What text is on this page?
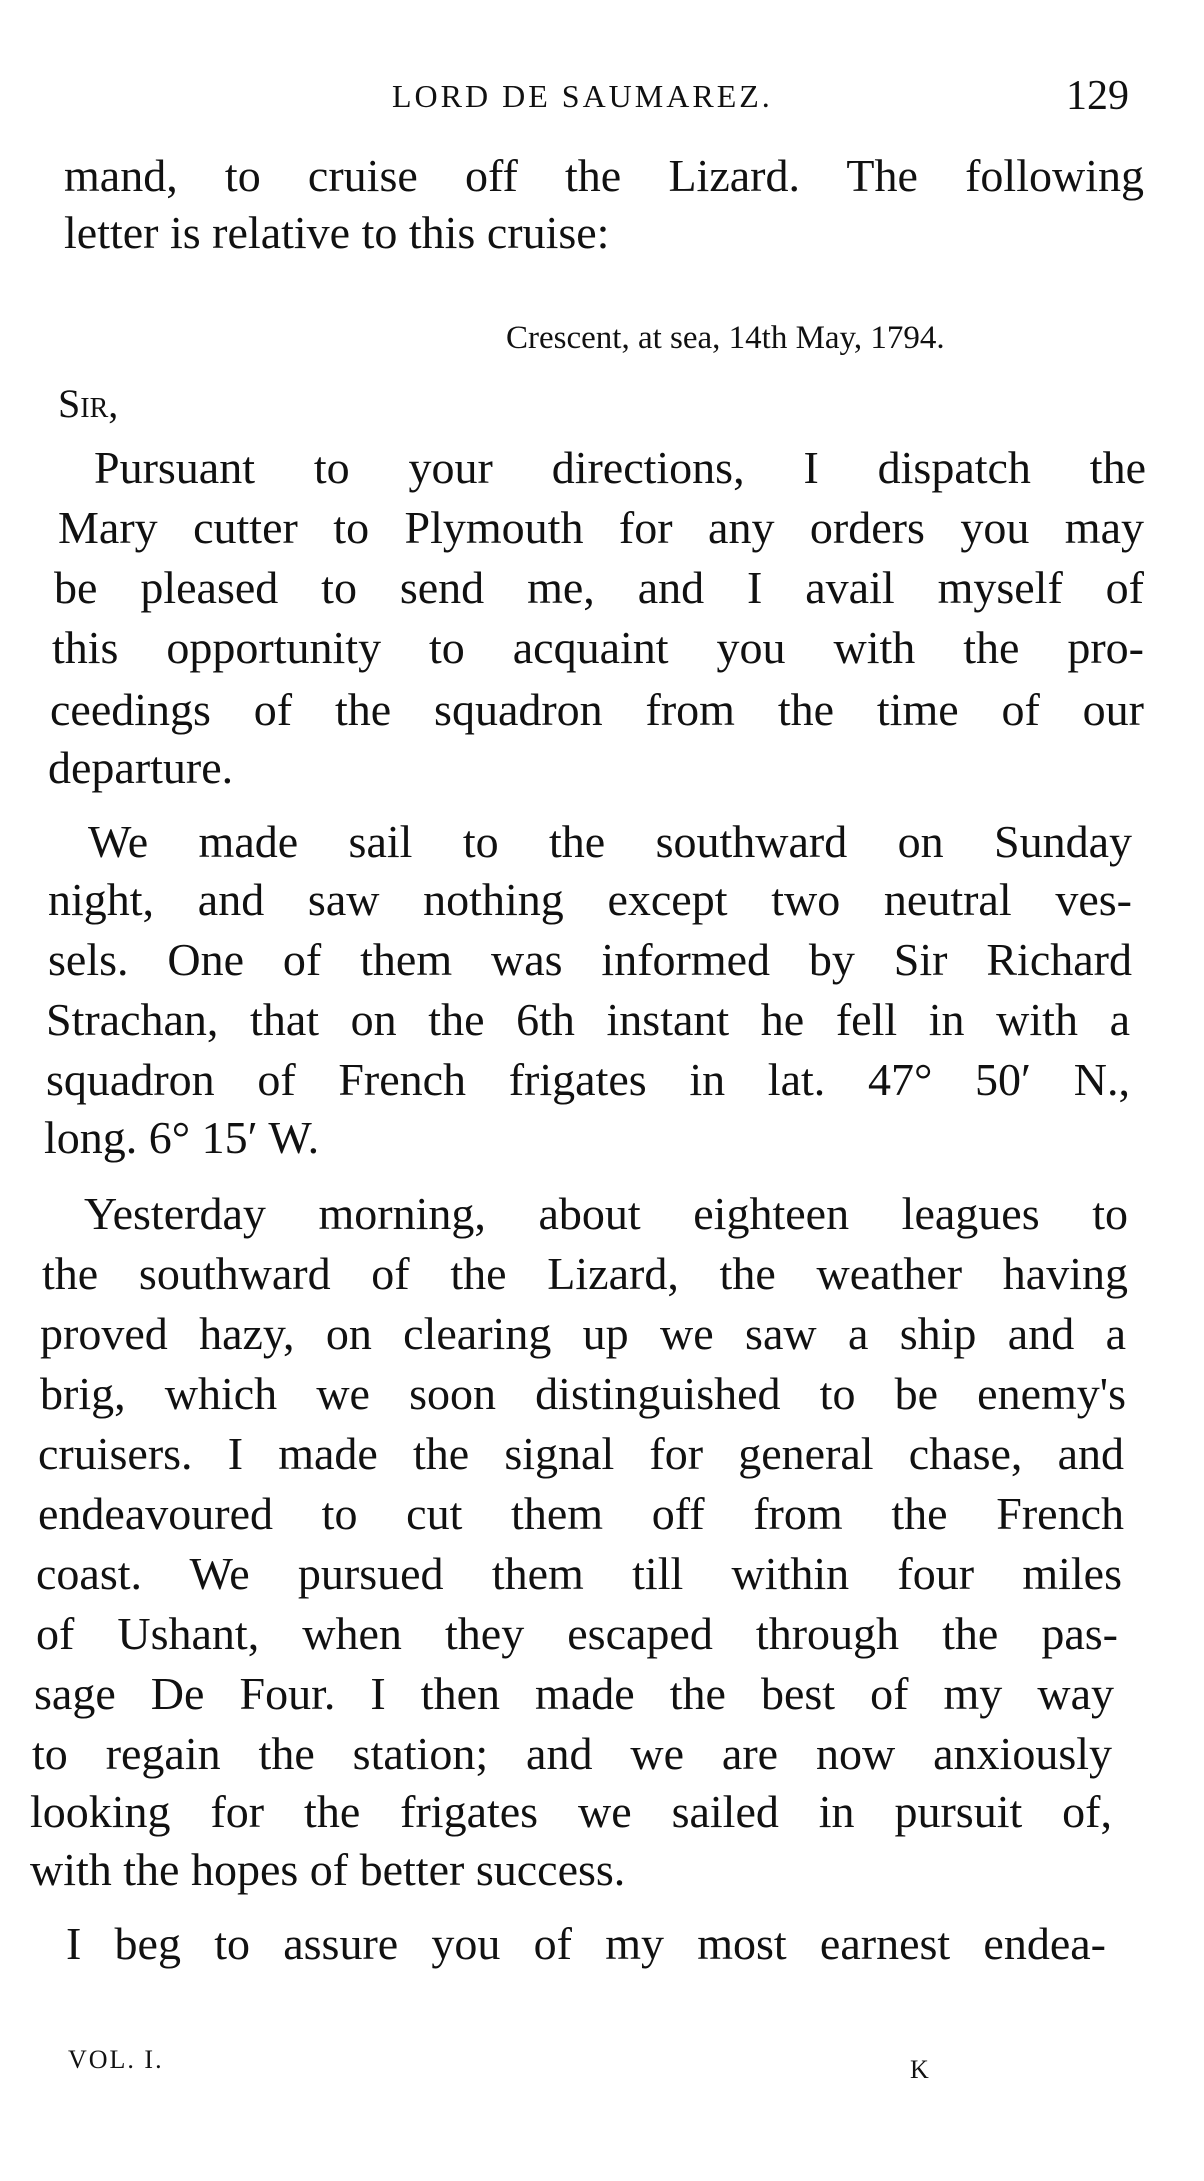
LORD DE SAUMAREZ.	129
mand, to cruise off the Lizard. The following
letter is relative to this cruise:
Crescent, at sea, 14th May, 1794.
Sir,
Pursuant to your directions, I dispatch the
Mary cutter to Plymouth for any orders you may
be pleased to send me, and I avail myself of
this opportunity to acquaint you with the pro-
ceedings of the squadron from the time of our
departure.
We made sail to the southward on Sunday
night, and saw nothing except two neutral ves-
sels. One of them was informed by Sir Richard
Strachan, that on the 6th instant he fell in with a
squadron of French frigates in lat. 47° 50′ N.,
long. 6° 15′ W.
Yesterday morning, about eighteen leagues to
the southward of the Lizard, the weather having
proved hazy, on clearing up we saw a ship and a
brig, which we soon distinguished to be enemy's
cruisers. I made the signal for general chase, and
endeavoured to cut them off from the French
coast. We pursued them till within four miles
of Ushant, when they escaped through the pas-
sage De Four. I then made the best of my way
to regain the station; and we are now anxiously
looking for the frigates we sailed in pursuit of,
with the hopes of better success.
I beg to assure you of my most earnest endea-
VOL. I.	K
